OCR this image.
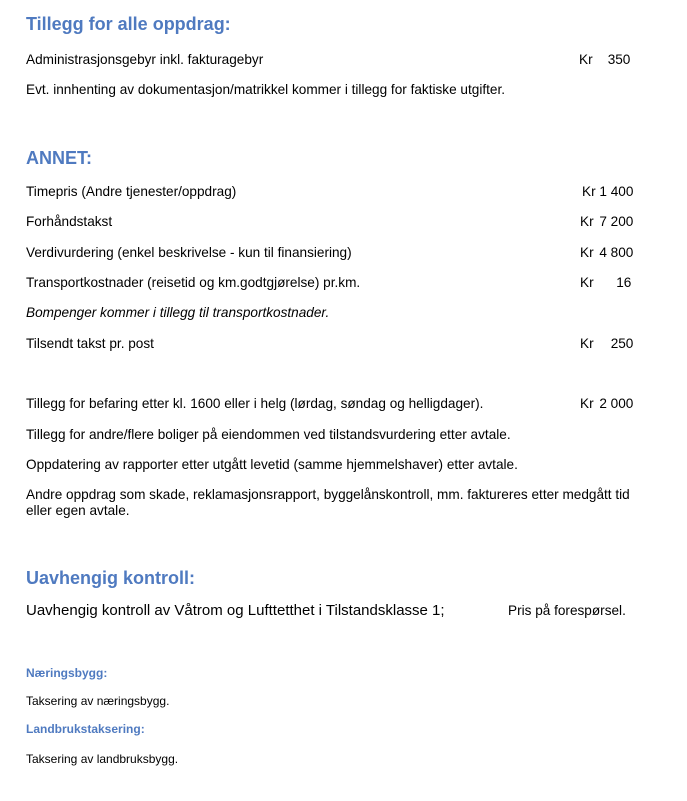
Tillegg for alle oppdrag:
Administrasjonsgebyr inkl. fakturagebyr	Kr 350
Evt. innhenting av dokumentasjon/matrikkel kommer i tillegg for faktiske utgifter.
ANNET:
Timepris (Andre tjenester/oppdrag)	Kr 1 400
Forhåndstakst	Kr 7 200
Verdivurdering (enkel beskrivelse - kun til finansiering)	Kr 4 800
Transportkostnader (reisetid og km.godtgjørelse) pr.km.	Kr 16
Bompenger kommer i tillegg til transportkostnader.
Tilsendt takst pr. post	Kr 250
Tillegg for befaring etter kl. 1600 eller i helg (lørdag, søndag og helligdager).	Kr 2 000
Tillegg for andre/flere boliger på eiendommen ved tilstandsvurdering etter avtale.
Oppdatering av rapporter etter utgått levetid (samme hjemmelshaver) etter avtale.
Andre oppdrag som skade, reklamasjonsrapport, byggelånskontroll, mm. faktureres etter medgått tid eller egen avtale.
Uavhengig kontroll:
Uavhengig kontroll av Våtrom og Lufttetthet i Tilstandsklasse 1;	Pris på forespørsel.
Næringsbygg:
Taksering av næringsbygg.
Landbrukstaksering:
Taksering av landbruksbygg.
